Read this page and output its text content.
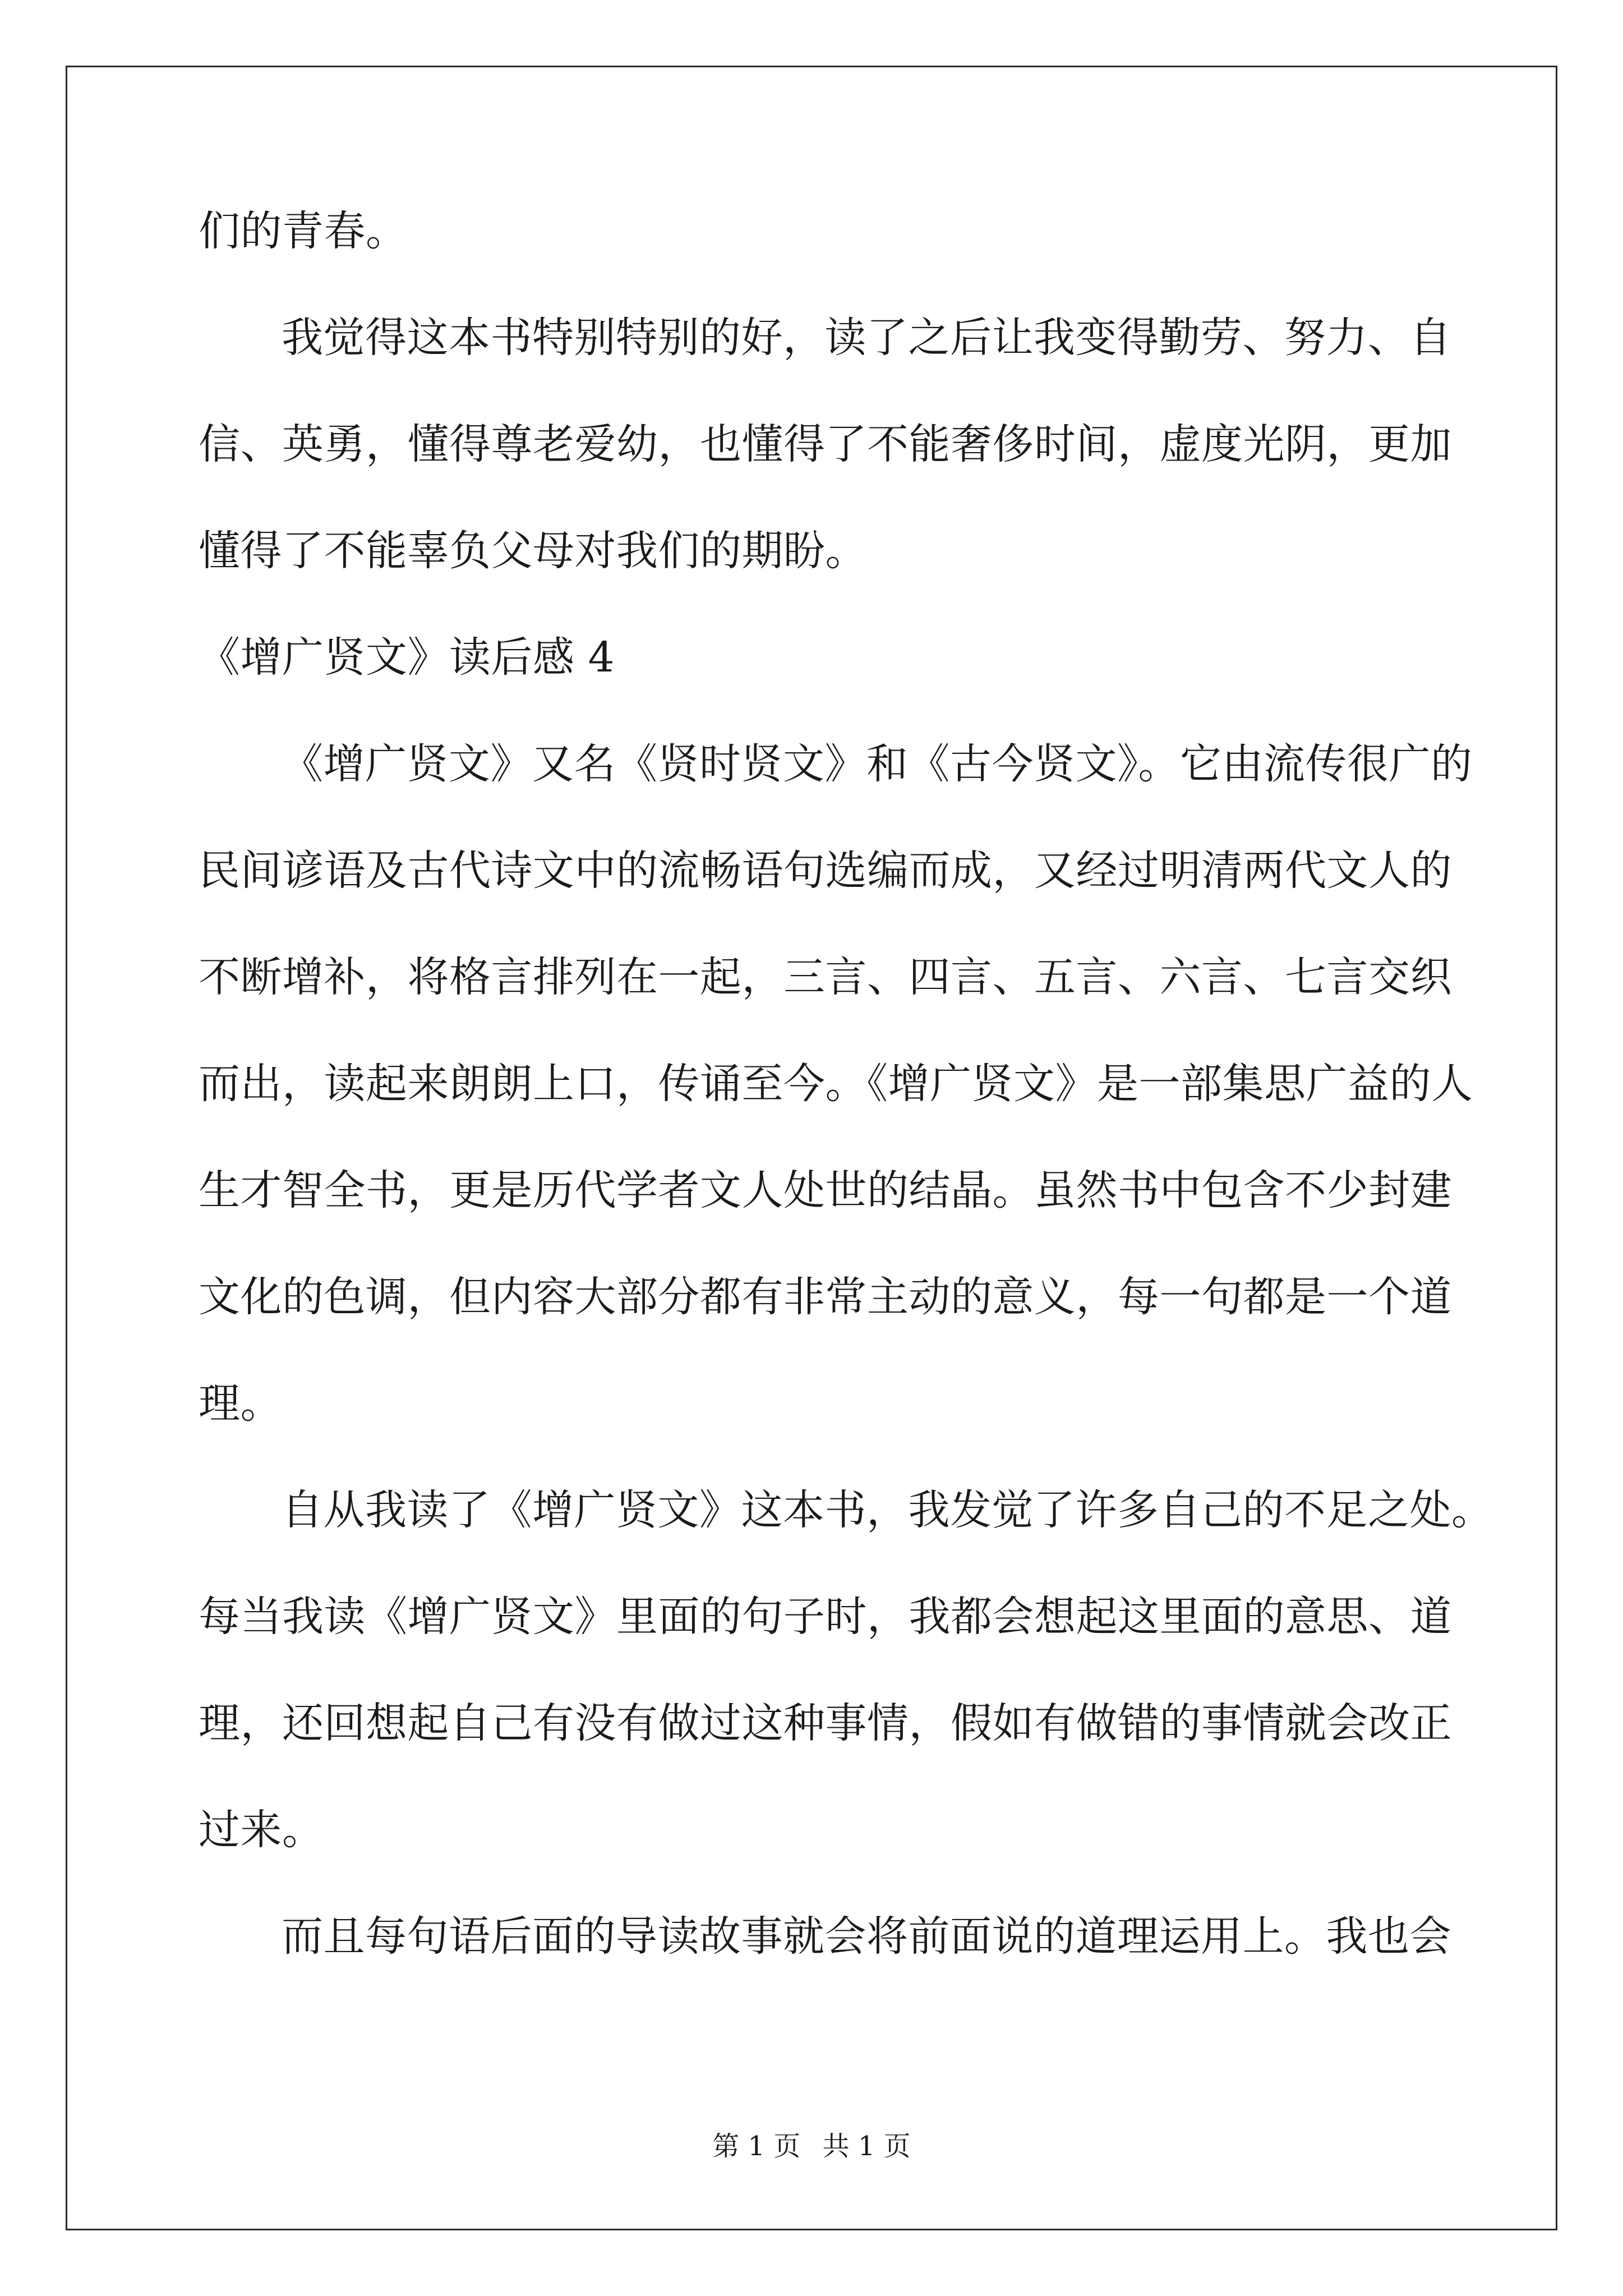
们的青春。
我觉得这本书特别特别的好，读了之后让我变得勤劳、努力、自
信、英勇，懂得尊老爱幼，也懂得了不能奢侈时间，虚度光阴，更加
懂得了不能辜负父母对我们的期盼。
《增广贤文》读后感 4
《增广贤文》又名《贤时贤文》和《古今贤文》。它由流传很广的
民间谚语及古代诗文中的流畅语句选编而成，又经过明清两代文人的
不断增补，将格言排列在一起，三言、四言、五言、六言、七言交织
而出，读起来朗朗上口，传诵至今。《增广贤文》是一部集思广益的人
生才智全书，更是历代学者文人处世的结晶。虽然书中包含不少封建
文化的色调，但内容大部分都有非常主动的意义，每一句都是一个道
理。
自从我读了《增广贤文》这本书，我发觉了许多自己的不足之处。
每当我读《增广贤文》里面的句子时，我都会想起这里面的意思、道
理，还回想起自己有没有做过这种事情，假如有做错的事情就会改正
过来。
而且每句语后面的导读故事就会将前面说的道理运用上。我也会
第 1 页 共 1 页
